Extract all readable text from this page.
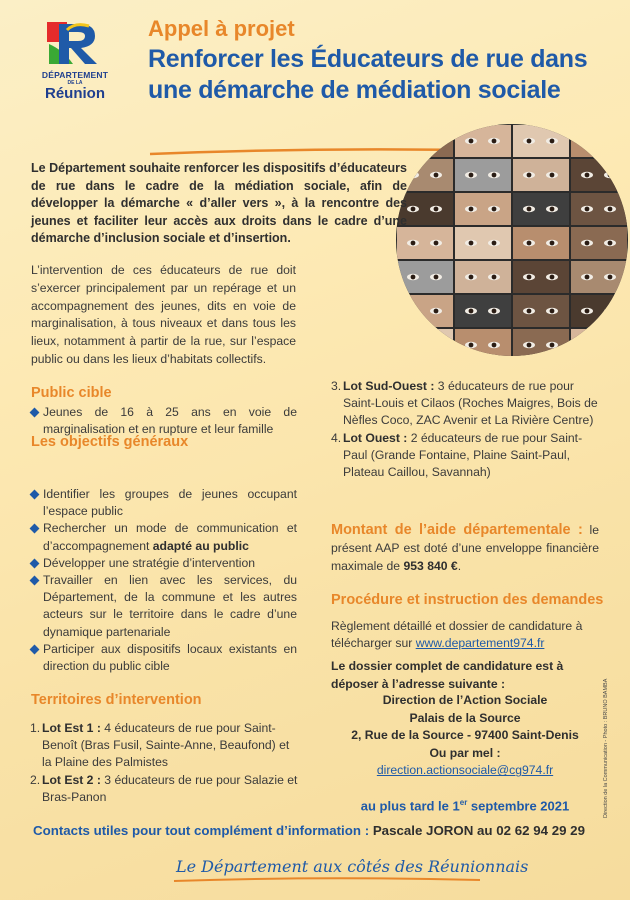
DÉPARTEMENT
DE LA
Réunion
Appel à projet
Renforcer les Éducateurs de rue dans
une démarche de médiation sociale
Le Département souhaite renforcer les dispositifs d’éducateurs de rue dans le cadre de la médiation sociale, afin de développer la démarche « d’aller vers », à la rencontre des jeunes et faciliter leur accès aux droits dans le cadre d’une démarche d’inclusion sociale et d’insertion.
L’intervention de ces éducateurs de rue doit s’exercer principalement par un repérage et un accompagnement des jeunes, dits en voie de marginalisation, à tous niveaux et dans tous les lieux, notamment à partir de la rue, sur l’espace public ou dans les lieux d’habitats collectifs.
Public cible
Jeunes de 16 à 25 ans en voie de marginalisation et en rupture et leur famille
Les objectifs généraux
Identifier les groupes de jeunes occupant l’espace public
Rechercher un mode de communication et d’accompagnement adapté au public
Développer une stratégie d’intervention
Travailler en lien avec les services, du Département, de la commune et les autres acteurs sur le territoire dans le cadre d’une dynamique partenariale
Participer aux dispositifs locaux existants en direction du public cible
Territoires d’intervention
1. Lot Est 1 : 4 éducateurs de rue pour Saint-Benoît (Bras Fusil, Sainte-Anne, Beaufond) et la Plaine des Palmistes
2. Lot Est 2 : 3 éducateurs de rue pour Salazie et Bras-Panon
3. Lot Sud-Ouest : 3 éducateurs de rue pour Saint-Louis et Cilaos (Roches Maigres, Bois de Nèfles Coco, ZAC Avenir et La Rivière Centre)
4. Lot Ouest : 2 éducateurs de rue pour Saint-Paul (Grande Fontaine, Plaine Saint-Paul, Plateau Caillou, Savannah)
Montant de l’aide départementale : le présent AAP est doté d’une enveloppe financière maximale de 953 840 €.
Procédure et instruction des demandes
Règlement détaillé et dossier de candidature à télécharger sur www.departement974.fr
Le dossier complet de candidature est à déposer à l’adresse suivante :
Direction de l’Action Sociale
Palais de la Source
2, Rue de la Source - 97400 Saint-Denis
Ou par mel :
direction.actionsociale@cg974.fr
au plus tard le 1er septembre 2021
Contacts utiles pour tout complément d’information : Pascale JORON au 02 62 94 29 29
Le Département aux côtés des Réunionnais
Direction de la Communication - Photo : BRUNO BAMBA
